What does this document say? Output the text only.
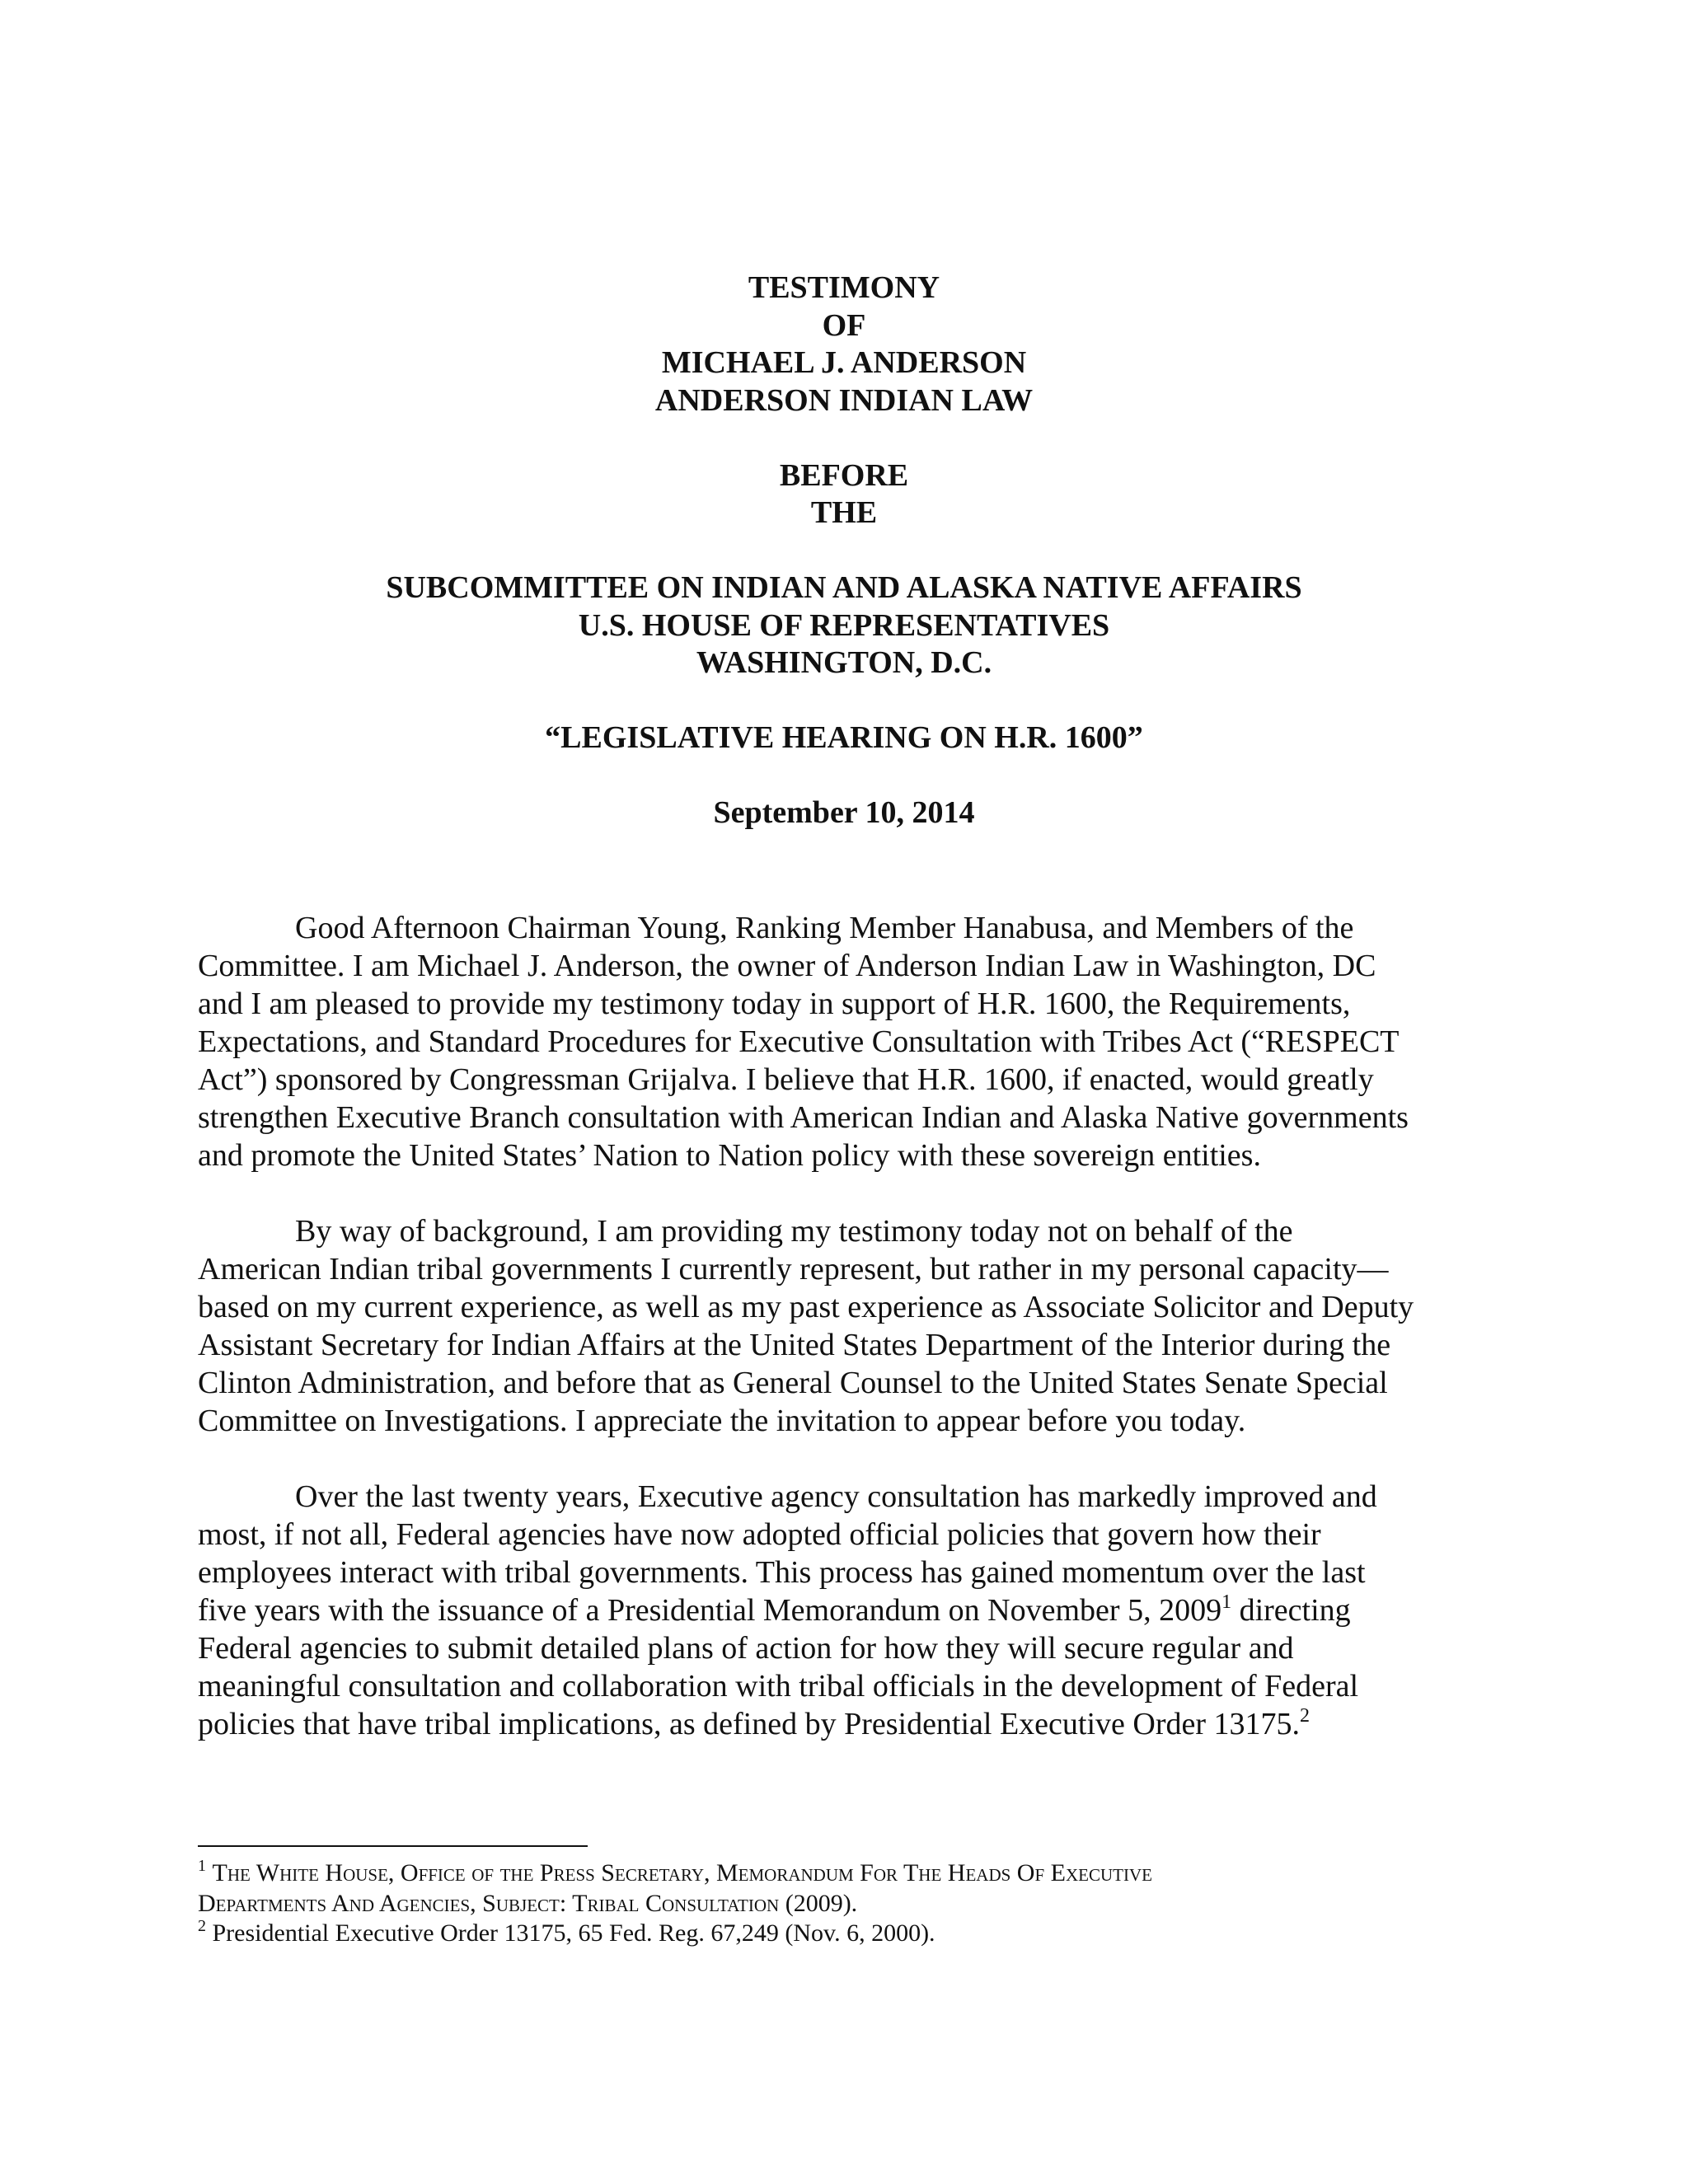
TESTIMONY
OF
MICHAEL J. ANDERSON
ANDERSON INDIAN LAW
BEFORE
THE
SUBCOMMITTEE ON INDIAN AND ALASKA NATIVE AFFAIRS
U.S. HOUSE OF REPRESENTATIVES
WASHINGTON, D.C.
“LEGISLATIVE HEARING ON H.R. 1600”
September 10, 2014

Good Afternoon Chairman Young, Ranking Member Hanabusa, and Members of the
Committee. I am Michael J. Anderson, the owner of Anderson Indian Law in Washington, DC
and I am pleased to provide my testimony today in support of H.R. 1600, the Requirements,
Expectations, and Standard Procedures for Executive Consultation with Tribes Act (“RESPECT
Act”) sponsored by Congressman Grijalva. I believe that H.R. 1600, if enacted, would greatly
strengthen Executive Branch consultation with American Indian and Alaska Native governments
and promote the United States’ Nation to Nation policy with these sovereign entities.

By way of background, I am providing my testimony today not on behalf of the
American Indian tribal governments I currently represent, but rather in my personal capacity—
based on my current experience, as well as my past experience as Associate Solicitor and Deputy
Assistant Secretary for Indian Affairs at the United States Department of the Interior during the
Clinton Administration, and before that as General Counsel to the United States Senate Special
Committee on Investigations. I appreciate the invitation to appear before you today.

Over the last twenty years, Executive agency consultation has markedly improved and
most, if not all, Federal agencies have now adopted official policies that govern how their
employees interact with tribal governments. This process has gained momentum over the last
five years with the issuance of a Presidential Memorandum on November 5, 2009$^1$ directing
Federal agencies to submit detailed plans of action for how they will secure regular and
meaningful consultation and collaboration with tribal officials in the development of Federal
policies that have tribal implications, as defined by Presidential Executive Order 13175.$^2$

$^1$ The White House, Office of the Press Secretary, Memorandum For The Heads Of Executive
Departments And Agencies, Subject: Tribal Consultation (2009).
$^2$ Presidential Executive Order 13175, 65 Fed. Reg. 67,249 (Nov. 6, 2000).
